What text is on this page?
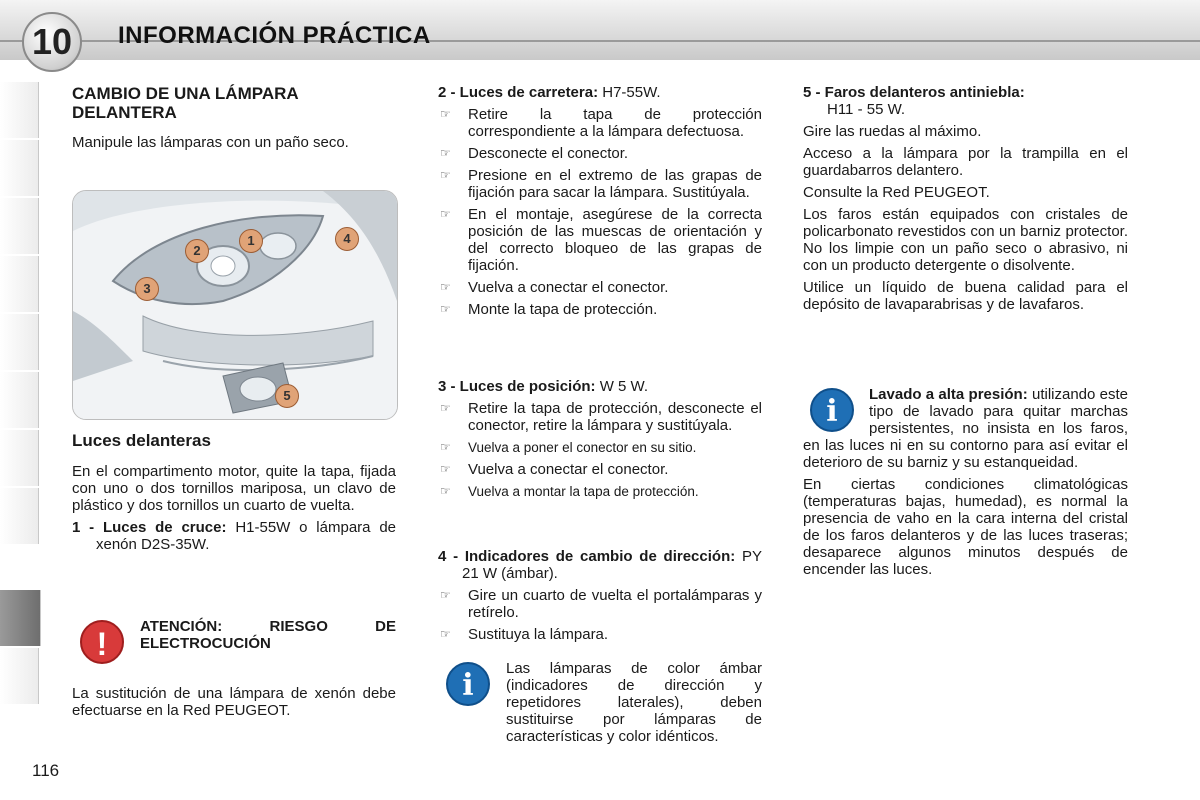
10	INFORMACIÓN PRÁCTICA
CAMBIO DE UNA LÁMPARA
DELANTERA

Manipule las lámparas con un paño seco.

1
2
3
4
5
Luces delanteras

En el compartimento motor, quite la tapa, fijada con uno o dos tornillos mariposa, un clavo de plástico y dos tornillos un cuarto de vuelta.

1 - Luces de cruce: H1-55W o lámpara de xenón D2S-35W.

!	ATENCIÓN: RIESGO DE ELECTROCUCIÓN
La sustitución de una lámpara de xenón debe efectuarse en la Red PEUGEOT.

2 - Luces de carretera: H7-55W.

☞ Retire la tapa de protección correspondiente a la lámpara defectuosa.
☞ Desconecte el conector.
☞ Presione en el extremo de las grapas de fijación para sacar la lámpara. Sustitúyala.
☞ En el montaje, asegúrese de la correcta posición de las muescas de orientación y del correcto bloqueo de las grapas de fijación.
☞ Vuelva a conectar el conector.
☞ Monte la tapa de protección.

3 - Luces de posición: W 5 W.

☞ Retire la tapa de protección, desconecte el conector, retire la lámpara y sustitúyala.
☞ Vuelva a poner el conector en su sitio.
☞ Vuelva a conectar el conector.
☞ Vuelva a montar la tapa de protección.

4 - Indicadores de cambio de dirección: PY 21 W (ámbar).

☞ Gire un cuarto de vuelta el portalámparas y retírelo.
☞ Sustituya la lámpara.
i	Las lámparas de color ámbar (indicadores de dirección y repetidores laterales), deben sustituirse por lámparas de características y color idénticos.

5 - Faros delanteros antiniebla:
H11 - 55 W.

Gire las ruedas al máximo.

Acceso a la lámpara por la trampilla en el guardabarros delantero.

Consulte la Red PEUGEOT.

Los faros están equipados con cristales de policarbonato revestidos con un barniz protector. No los limpie con un paño seco o abrasivo, ni con un producto detergente o disolvente.

Utilice un líquido de buena calidad para el depósito de lavaparabrisas y de lavafaros.

i	Lavado a alta presión: utilizando este tipo de lavado para quitar marchas persistentes, no insista en los faros, en las luces ni en su contorno para así evitar el deterioro de su barniz y su estanqueidad.

En ciertas condiciones climatológicas (temperaturas bajas, humedad), es normal la presencia de vaho en la cara interna del cristal de los faros delanteros y de las luces traseras; desaparece algunos minutos después de encender las luces.

116
